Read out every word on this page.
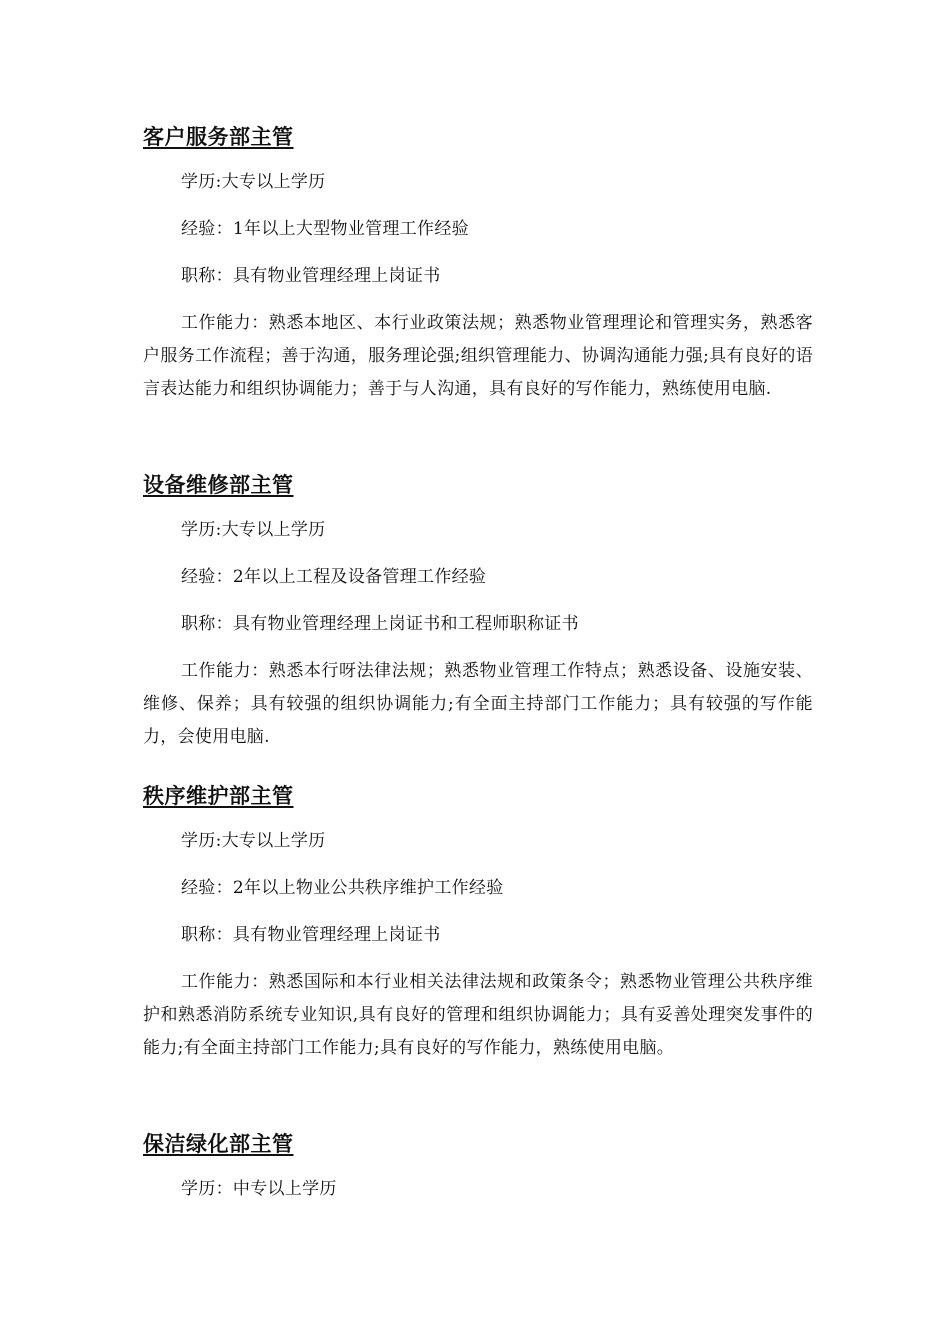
客户服务部主管

学历:大专以上学历

经验：1年以上大型物业管理工作经验

职称：具有物业管理经理上岗证书

工作能力：熟悉本地区、本行业政策法规；熟悉物业管理理论和管理实务，熟悉客户服务工作流程；善于沟通，服务理论强;组织管理能力、协调沟通能力强;具有良好的语言表达能力和组织协调能力；善于与人沟通，具有良好的写作能力，熟练使用电脑.

设备维修部主管

学历:大专以上学历

经验：2年以上工程及设备管理工作经验

职称：具有物业管理经理上岗证书和工程师职称证书

工作能力：熟悉本行呀法律法规；熟悉物业管理工作特点；熟悉设备、设施安装、维修、保养；具有较强的组织协调能力;有全面主持部门工作能力；具有较强的写作能力，会使用电脑.

秩序维护部主管

学历:大专以上学历

经验：2年以上物业公共秩序维护工作经验

职称：具有物业管理经理上岗证书

工作能力：熟悉国际和本行业相关法律法规和政策条令；熟悉物业管理公共秩序维护和熟悉消防系统专业知识,具有良好的管理和组织协调能力；具有妥善处理突发事件的能力;有全面主持部门工作能力;具有良好的写作能力，熟练使用电脑。

保洁绿化部主管

学历：中专以上学历
